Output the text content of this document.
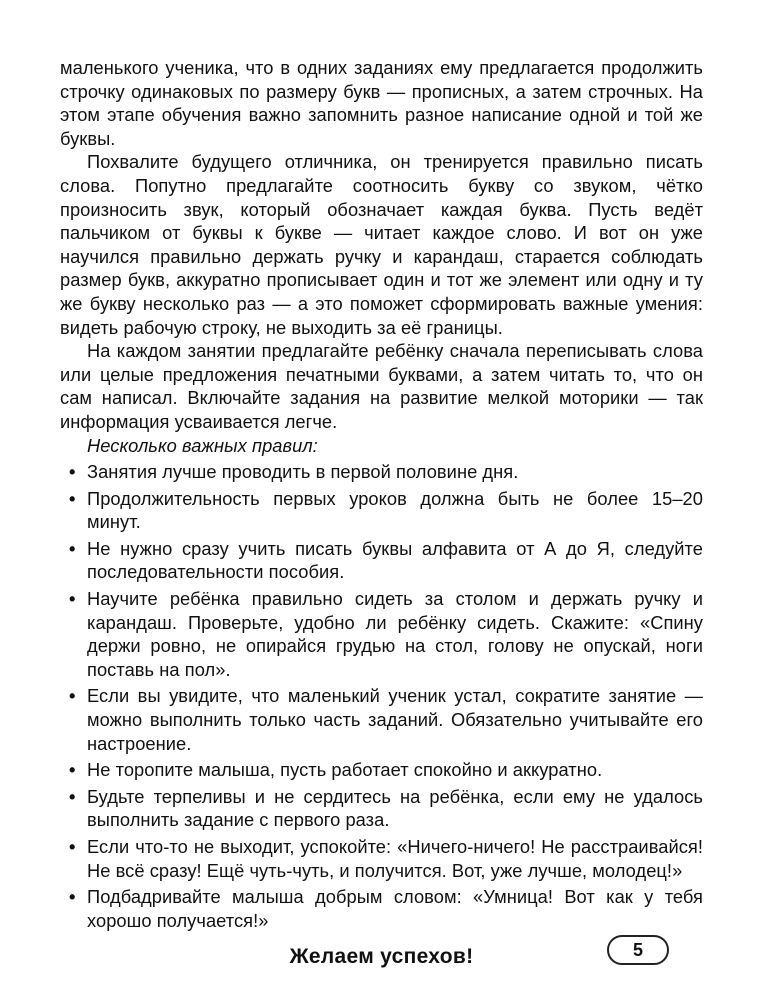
маленького ученика, что в одних заданиях ему предлагается продолжить строчку одинаковых по размеру букв — прописных, а затем строчных. На этом этапе обучения важно запомнить разное написание одной и той же буквы.

Похвалите будущего отличника, он тренируется правильно писать слова. Попутно предлагайте соотносить букву со звуком, чётко произносить звук, который обозначает каждая буква. Пусть ведёт пальчиком от буквы к букве — читает каждое слово. И вот он уже научился правильно держать ручку и карандаш, старается соблюдать размер букв, аккуратно прописывает один и тот же элемент или одну и ту же букву несколько раз — а это поможет сформировать важные умения: видеть рабочую строку, не выходить за её границы.

На каждом занятии предлагайте ребёнку сначала переписывать слова или целые предложения печатными буквами, а затем читать то, что он сам написал. Включайте задания на развитие мелкой моторики — так информация усваивается легче.

Несколько важных правил:

• Занятия лучше проводить в первой половине дня.
• Продолжительность первых уроков должна быть не более 15–20 минут.
• Не нужно сразу учить писать буквы алфавита от А до Я, следуйте последовательности пособия.
• Научите ребёнка правильно сидеть за столом и держать ручку и карандаш. Проверьте, удобно ли ребёнку сидеть. Скажите: «Спину держи ровно, не опирайся грудью на стол, голову не опускай, ноги поставь на пол».
• Если вы увидите, что маленький ученик устал, сократите занятие — можно выполнить только часть заданий. Обязательно учитывайте его настроение.
• Не торопите малыша, пусть работает спокойно и аккуратно.
• Будьте терпеливы и не сердитесь на ребёнка, если ему не удалось выполнить задание с первого раза.
• Если что-то не выходит, успокойте: «Ничего-ничего! Не расстраивайся! Не всё сразу! Ещё чуть-чуть, и получится. Вот, уже лучше, молодец!»
• Подбадривайте малыша добрым словом: «Умница! Вот как у тебя хорошо получается!»

Желаем успехов!	5
